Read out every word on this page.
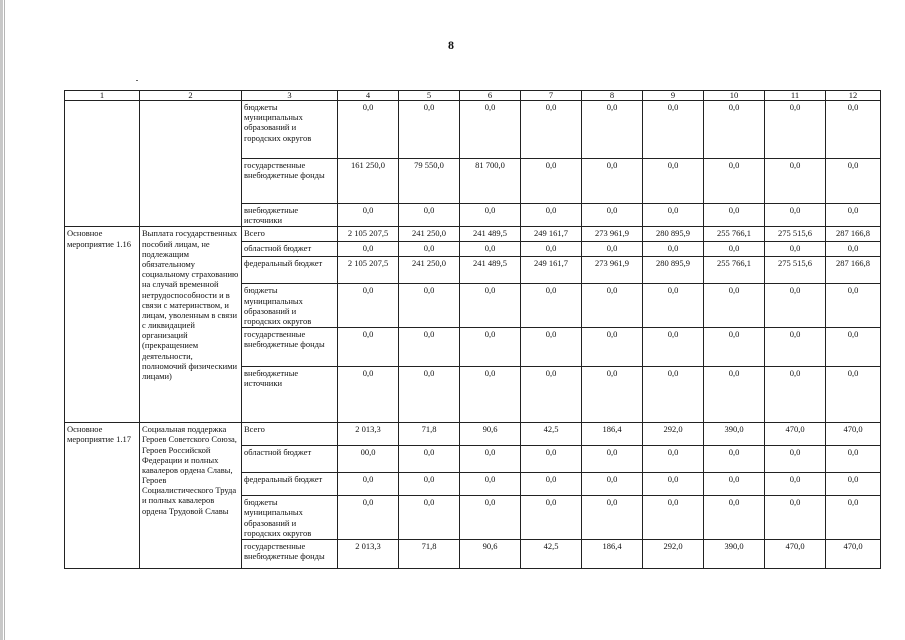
8
1	2	3	4	5	6	7	8	9	10	11	12
		бюджеты муниципальных образований и городских округов	0,0	0,0	0,0	0,0	0,0	0,0	0,0	0,0	0,0
		государственные внебюджетные фонды	161 250,0	79 550,0	81 700,0	0,0	0,0	0,0	0,0	0,0	0,0
		внебюджетные источники	0,0	0,0	0,0	0,0	0,0	0,0	0,0	0,0	0,0
Основное мероприятие 1.16	Выплата государственных пособий лицам, не подлежащим обязательному социальному страхованию на случай временной нетрудоспособности и в связи с материнством, и лицам, уволенным в связи с ликвидацией организаций (прекращением деятельности, полномочий физическими лицами)	Всего	2 105 207,5	241 250,0	241 489,5	249 161,7	273 961,9	280 895,9	255 766,1	275 515,6	287 166,8
		областной бюджет	0,0	0,0	0,0	0,0	0,0	0,0	0,0	0,0	0,0
		федеральный бюджет	2 105 207,5	241 250,0	241 489,5	249 161,7	273 961,9	280 895,9	255 766,1	275 515,6	287 166,8
		бюджеты муниципальных образований и городских округов	0,0	0,0	0,0	0,0	0,0	0,0	0,0	0,0	0,0
		государственные внебюджетные фонды	0,0	0,0	0,0	0,0	0,0	0,0	0,0	0,0	0,0
		внебюджетные источники	0,0	0,0	0,0	0,0	0,0	0,0	0,0	0,0	0,0
Основное мероприятие 1.17	Социальная поддержка Героев Советского Союза, Героев Российской Федерации и полных кавалеров ордена Славы, Героев Социалистического Труда и полных кавалеров ордена Трудовой Славы	Всего	2 013,3	71,8	90,6	42,5	186,4	292,0	390,0	470,0	470,0
		областной бюджет	00,0	0,0	0,0	0,0	0,0	0,0	0,0	0,0	0,0
		федеральный бюджет	0,0	0,0	0,0	0,0	0,0	0,0	0,0	0,0	0,0
		бюджеты муниципальных образований и городских округов	0,0	0,0	0,0	0,0	0,0	0,0	0,0	0,0	0,0
		государственные внебюджетные фонды	2 013,3	71,8	90,6	42,5	186,4	292,0	390,0	470,0	470,0
